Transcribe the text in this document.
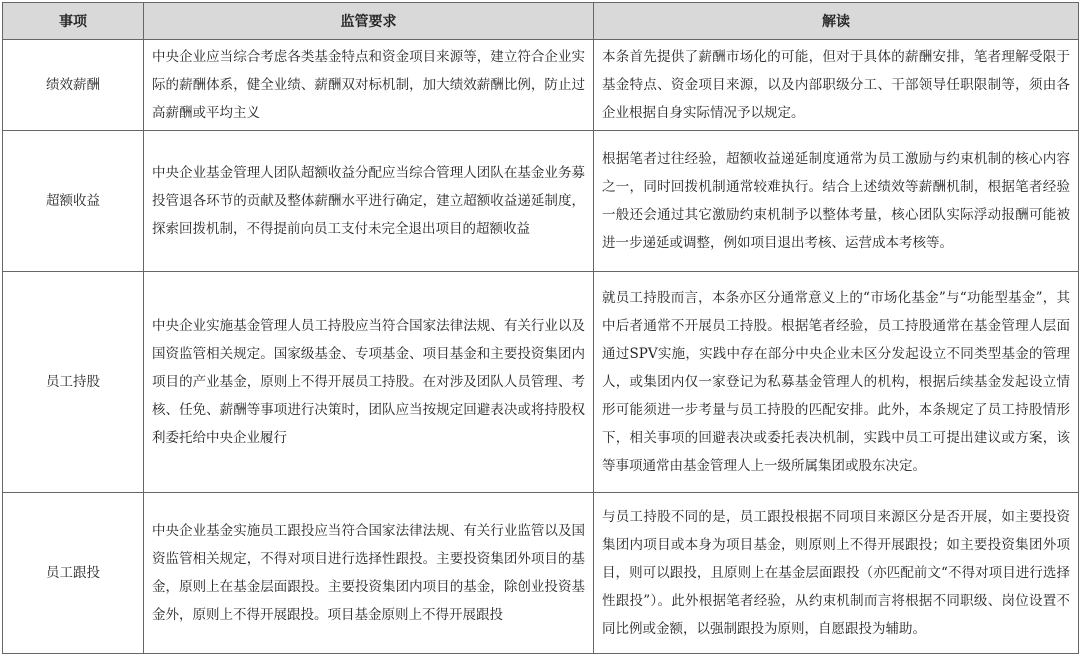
事项	监管要求	解读
绩效薪酬	中央企业应当综合考虑各类基金特点和资金项目来源等，建立符合企业实际的薪酬体系，健全业绩、薪酬双对标机制，加大绩效薪酬比例，防止过高薪酬或平均主义	本条首先提供了薪酬市场化的可能，但对于具体的薪酬安排，笔者理解受限于基金特点、资金项目来源，以及内部职级分工、干部领导任职限制等，须由各企业根据自身实际情况予以规定。
超额收益	中央企业基金管理人团队超额收益分配应当综合管理人团队在基金业务募投管退各环节的贡献及整体薪酬水平进行确定，建立超额收益递延制度，探索回拨机制，不得提前向员工支付未完全退出项目的超额收益	根据笔者过往经验，超额收益递延制度通常为员工激励与约束机制的核心内容之一，同时回拨机制通常较难执行。结合上述绩效等薪酬机制，根据笔者经验一般还会通过其它激励约束机制予以整体考量，核心团队实际浮动报酬可能被进一步递延或调整，例如项目退出考核、运营成本考核等。
员工持股	中央企业实施基金管理人员工持股应当符合国家法律法规、有关行业以及国资监管相关规定。国家级基金、专项基金、项目基金和主要投资集团内项目的产业基金，原则上不得开展员工持股。在对涉及团队人员管理、考核、任免、薪酬等事项进行决策时，团队应当按规定回避表决或将持股权利委托给中央企业履行	就员工持股而言，本条亦区分通常意义上的“市场化基金”与“功能型基金”，其中后者通常不开展员工持股。根据笔者经验，员工持股通常在基金管理人层面通过SPV实施，实践中存在部分中央企业未区分发起设立不同类型基金的管理人，或集团内仅一家登记为私募基金管理人的机构，根据后续基金发起设立情形可能须进一步考量与员工持股的匹配安排。此外，本条规定了员工持股情形下，相关事项的回避表决或委托表决机制，实践中员工可提出建议或方案，该等事项通常由基金管理人上一级所属集团或股东决定。
员工跟投	中央企业基金实施员工跟投应当符合国家法律法规、有关行业监管以及国资监管相关规定，不得对项目进行选择性跟投。主要投资集团外项目的基金，原则上在基金层面跟投。主要投资集团内项目的基金，除创业投资基金外，原则上不得开展跟投。项目基金原则上不得开展跟投	与员工持股不同的是，员工跟投根据不同项目来源区分是否开展，如主要投资集团内项目或本身为项目基金，则原则上不得开展跟投；如主要投资集团外项目，则可以跟投，且原则上在基金层面跟投（亦匹配前文“不得对项目进行选择性跟投”）。此外根据笔者经验，从约束机制而言将根据不同职级、岗位设置不同比例或金额，以强制跟投为原则，自愿跟投为辅助。
